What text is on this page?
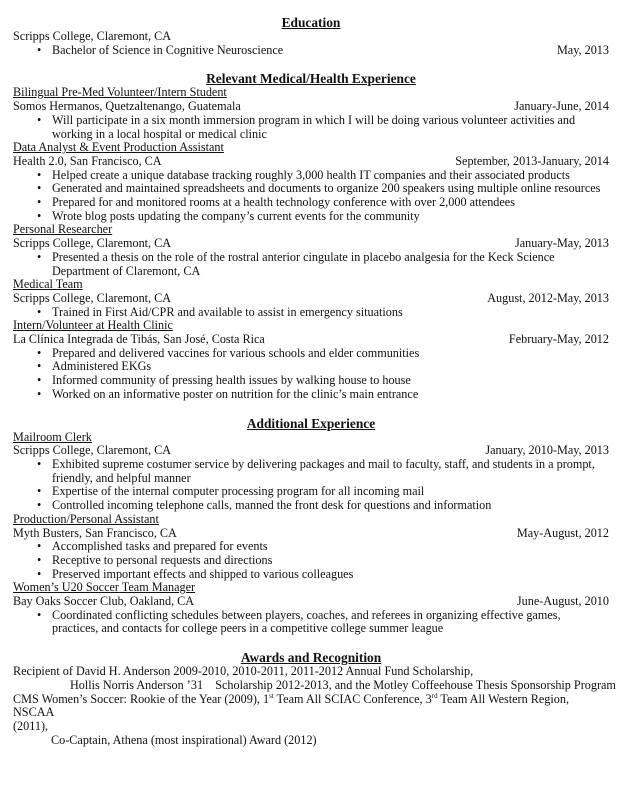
Education
Scripps College, Claremont, CA
• Bachelor of Science in Cognitive Neuroscience	May, 2013
Relevant Medical/Health Experience
Bilingual Pre-Med Volunteer/Intern Student
Somos Hermanos, Quetzaltenango, Guatemala	January-June, 2014
• Will participate in a six month immersion program in which I will be doing various volunteer activities and working in a local hospital or medical clinic
Data Analyst & Event Production Assistant
Health 2.0, San Francisco, CA	September, 2013-January, 2014
• Helped create a unique database tracking roughly 3,000 health IT companies and their associated products
• Generated and maintained spreadsheets and documents to organize 200 speakers using multiple online resources
• Prepared for and monitored rooms at a health technology conference with over 2,000 attendees
• Wrote blog posts updating the company’s current events for the community
Personal Researcher
Scripps College, Claremont, CA	January-May, 2013
• Presented a thesis on the role of the rostral anterior cingulate in placebo analgesia for the Keck Science Department of Claremont, CA
Medical Team
Scripps College, Claremont, CA	August, 2012-May, 2013
• Trained in First Aid/CPR and available to assist in emergency situations
Intern/Volunteer at Health Clinic
La Clínica Integrada de Tibás, San José, Costa Rica	February-May, 2012
• Prepared and delivered vaccines for various schools and elder communities
• Administered EKGs
• Informed community of pressing health issues by walking house to house
• Worked on an informative poster on nutrition for the clinic’s main entrance
Additional Experience
Mailroom Clerk
Scripps College, Claremont, CA	January, 2010-May, 2013
• Exhibited supreme costumer service by delivering packages and mail to faculty, staff, and students in a prompt, friendly, and helpful manner
• Expertise of the internal computer processing program for all incoming mail
• Controlled incoming telephone calls, manned the front desk for questions and information
Production/Personal Assistant
Myth Busters, San Francisco, CA	May-August, 2012
• Accomplished tasks and prepared for events
• Receptive to personal requests and directions
• Preserved important effects and shipped to various colleagues
Women’s U20 Soccer Team Manager
Bay Oaks Soccer Club, Oakland, CA	June-August, 2010
• Coordinated conflicting schedules between players, coaches, and referees in organizing effective games, practices, and contacts for college peers in a competitive college summer league
Awards and Recognition
Recipient of David H. Anderson 2009-2010, 2010-2011, 2011-2012 Annual Fund Scholarship,
Hollis Norris Anderson ’31    Scholarship 2012-2013, and the Motley Coffeehouse Thesis Sponsorship Program
CMS Women’s Soccer: Rookie of the Year (2009), 1st Team All SCIAC Conference, 3rd Team All Western Region, NSCAA
(2011),
Co-Captain, Athena (most inspirational) Award (2012)
